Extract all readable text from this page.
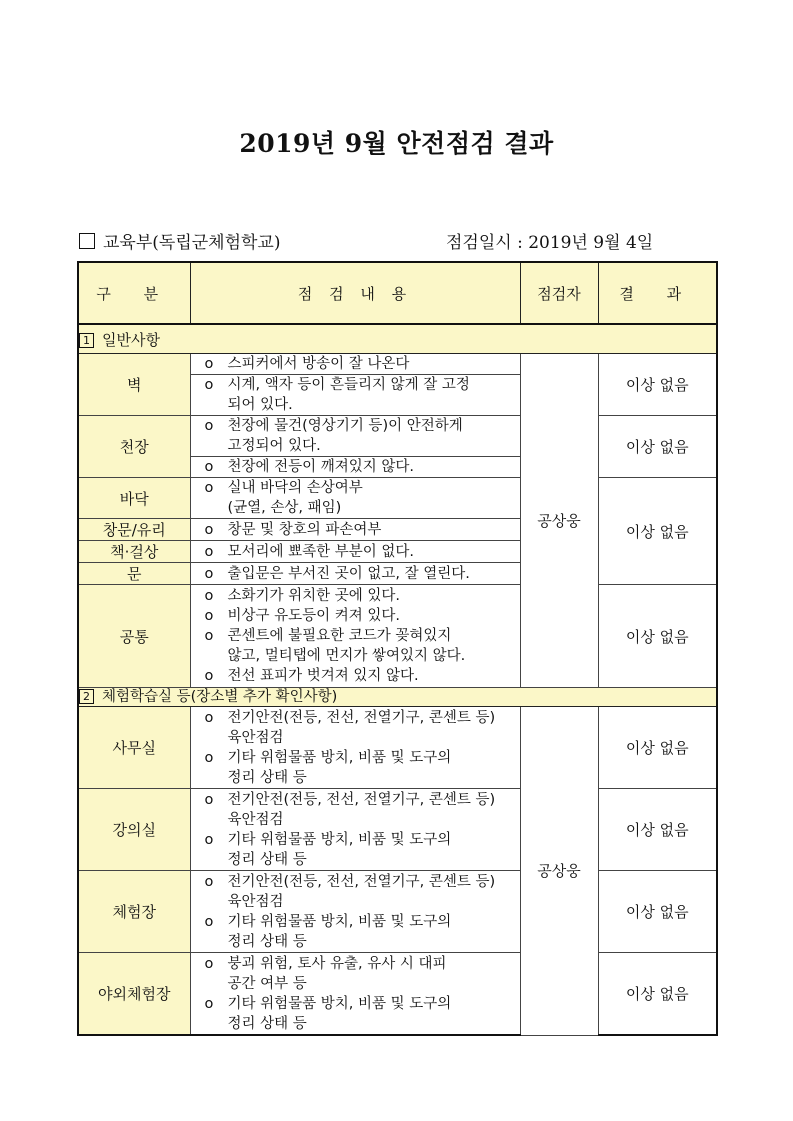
2019년 9월 안전점검 결과
교육부(독립군체험학교)	점검일시 : 2019년 9월 4일
구 분	점 검 내 용	점검자	결 과
1 일반사항			
벽	ο 스피커에서 방송이 잘 나온다	공상웅	이상 없음

	ο 시계, 액자 등이 흔들리지 않게 잘 고정
되어 있다.		

천장	ο 천장에 물건(영상기기 등)이 안전하게
고정되어 있다.		이상 없음

	ο 천장에 전등이 깨져있지 않다.		

바닥	ο 실내 바닥의 손상여부
(균열, 손상, 패임)		이상 없음
창문/유리	ο 창문 및 창호의 파손여부		

책·걸상	ο 모서리에 뾰족한 부분이 없다.		

문	ο 출입문은 부서진 곳이 없고, 잘 열린다.		

공통	ο 소화기가 위치한 곳에 있다.
ο 비상구 유도등이 켜져 있다.
ο 콘센트에 불필요한 코드가 꽂혀있지
않고, 멀티탭에 먼지가 쌓여있지 않다.
ο 전선 표피가 벗겨져 있지 않다.		이상 없음
2 체험학습실 등(장소별 추가 확인사항)			
사무실	ο 전기안전(전등, 전선, 전열기구, 콘센트 등)
육안점검
ο 기타 위험물품 방치, 비품 및 도구의
정리 상태 등	공상웅	이상 없음
강의실	ο 전기안전(전등, 전선, 전열기구, 콘센트 등)
육안점검
ο 기타 위험물품 방치, 비품 및 도구의
정리 상태 등		이상 없음
체험장	ο 전기안전(전등, 전선, 전열기구, 콘센트 등)
육안점검
ο 기타 위험물품 방치, 비품 및 도구의
정리 상태 등		이상 없음
야외체험장	ο 붕괴 위험, 토사 유출, 유사 시 대피
공간 여부 등
ο 기타 위험물품 방치, 비품 및 도구의
정리 상태 등		이상 없음
